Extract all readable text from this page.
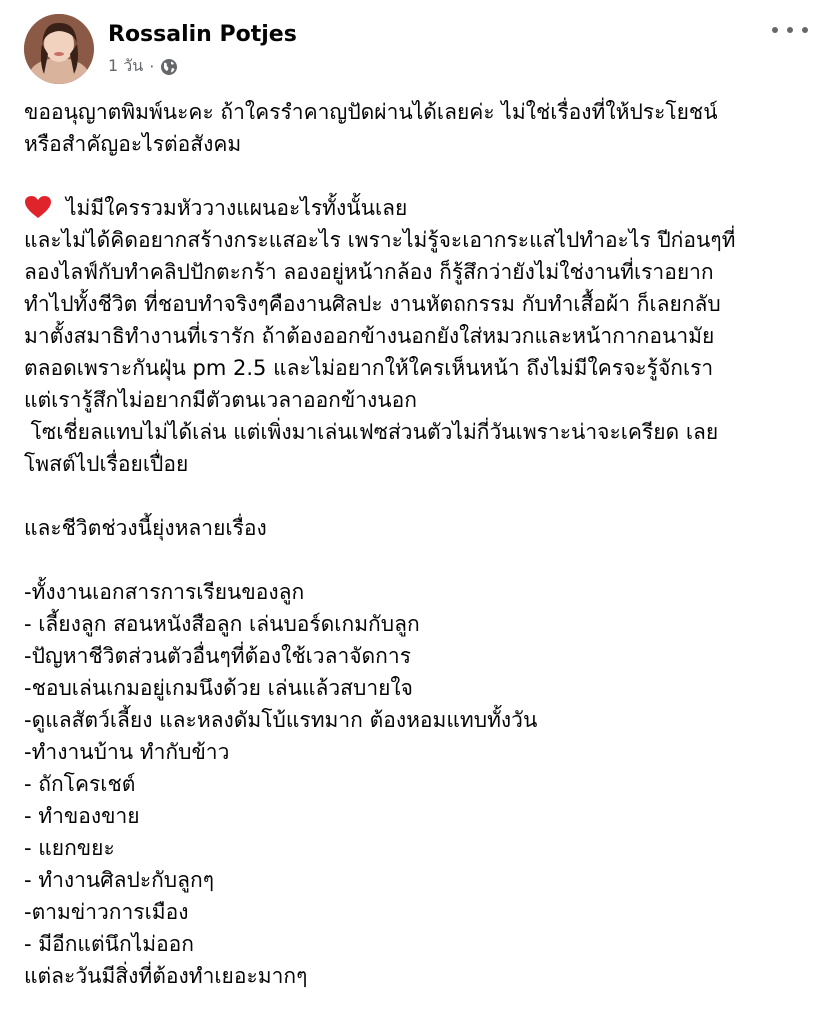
Rossalin Potjes
1 วัน ·
ขออนุญาตพิมพ์นะคะ ถ้าใครรำคาญปัดผ่านได้เลยค่ะ ไม่ใช่เรื่องที่ให้ประโยชน์
หรือสำคัญอะไรต่อสังคม
ไม่มีใครรวมหัววางแผนอะไรทั้งนั้นเลย
และไม่ได้คิดอยากสร้างกระแสอะไร เพราะไม่รู้จะเอากระแสไปทำอะไร ปีก่อนๆที่
ลองไลฟ์กับทำคลิปปักตะกร้า ลองอยู่หน้ากล้อง ก็รู้สึกว่ายังไม่ใช่งานที่เราอยาก
ทำไปทั้งชีวิต ที่ชอบทำจริงๆคืองานศิลปะ งานหัตถกรรม กับทำเสื้อผ้า ก็เลยกลับ
มาตั้งสมาธิทำงานที่เรารัก ถ้าต้องออกข้างนอกยังใส่หมวกและหน้ากากอนามัย
ตลอดเพราะกันฝุ่น pm 2.5 และไม่อยากให้ใครเห็นหน้า ถึงไม่มีใครจะรู้จักเรา
แต่เรารู้สึกไม่อยากมีตัวตนเวลาออกข้างนอก
โซเชี่ยลแทบไม่ได้เล่น แต่เพิ่งมาเล่นเฟซส่วนตัวไม่กี่วันเพราะน่าจะเครียด เลย
โพสต์ไปเรื่อยเปื่อย
และชีวิตช่วงนี้ยุ่งหลายเรื่อง
-ทั้งงานเอกสารการเรียนของลูก
- เลี้ยงลูก สอนหนังสือลูก เล่นบอร์ดเกมกับลูก
-ปัญหาชีวิตส่วนตัวอื่นๆที่ต้องใช้เวลาจัดการ
-ชอบเล่นเกมอยู่เกมนึงด้วย เล่นแล้วสบายใจ
-ดูแลสัตว์เลี้ยง และหลงดัมโบ้แรทมาก ต้องหอมแทบทั้งวัน
-ทำงานบ้าน ทำกับข้าว
- ถักโครเชต์
- ทำของขาย
- แยกขยะ
- ทำงานศิลปะกับลูกๆ
-ตามข่าวการเมือง
- มีอีกแต่นึกไม่ออก
แต่ละวันมีสิ่งที่ต้องทำเยอะมากๆ
